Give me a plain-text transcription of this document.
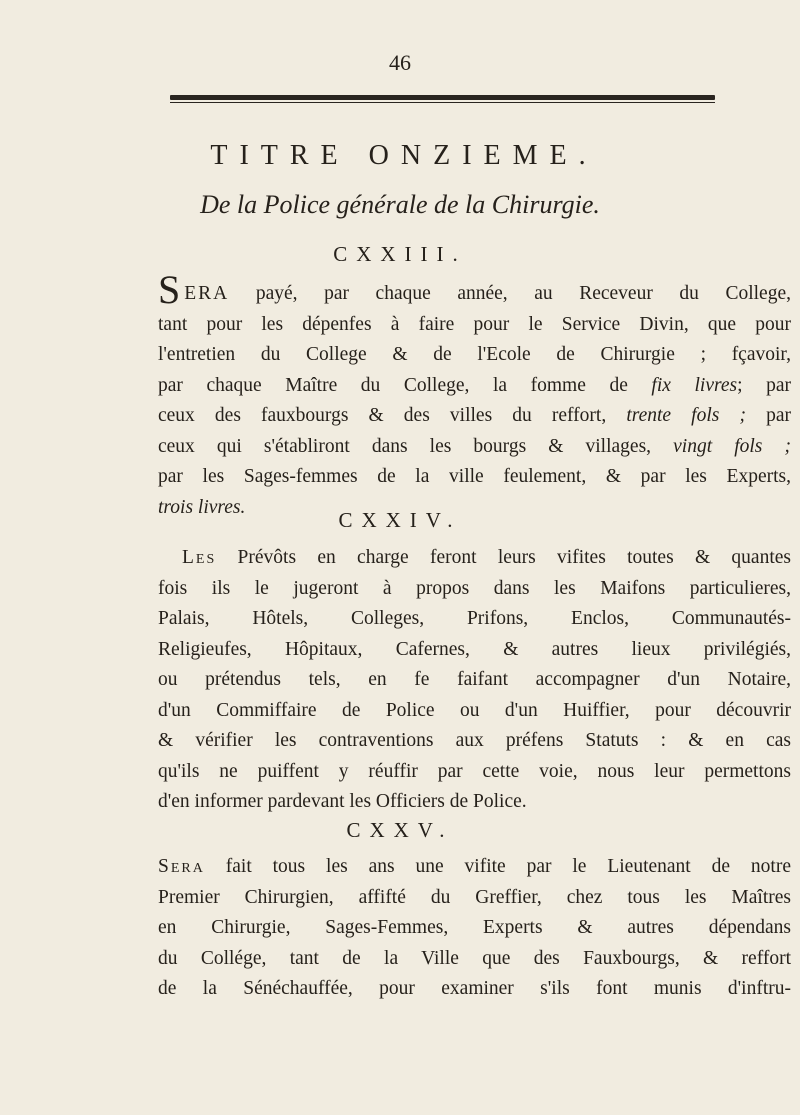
46
TITRE ONZIEME.
De la Police générale de la Chirurgie.
CXXIII.
SERA payé, par chaque année, au Receveur du College,
tant pour les dépenfes à faire pour le Service Divin, que pour
l'entretien du College & de l'Ecole de Chirurgie ; fçavoir,
par chaque Maître du College, la fomme de fix livres; par
ceux des fauxbourgs & des villes du reffort, trente fols ; par
ceux qui s'établiront dans les bourgs & villages, vingt fols ;
par les Sages-femmes de la ville feulement, & par les Experts,
trois livres.
CXXIV.
Les Prévôts en charge feront leurs vifites toutes & quantes
fois ils le jugeront à propos dans les Maifons particulieres,
Palais, Hôtels, Colleges, Prifons, Enclos, Communautés-
Religieufes, Hôpitaux, Cafernes, & autres lieux privilégiés,
ou prétendus tels, en fe faifant accompagner d'un Notaire,
d'un Commiffaire de Police ou d'un Huiffier, pour découvrir
& vérifier les contraventions aux préfens Statuts : & en cas
qu'ils ne puiffent y réuffir par cette voie, nous leur permettons
d'en informer pardevant les Officiers de Police.
CXXV.
Sera fait tous les ans une vifite par le Lieutenant de notre
Premier Chirurgien, affifté du Greffier, chez tous les Maîtres
en Chirurgie, Sages-Femmes, Experts & autres dépendans
du Collége, tant de la Ville que des Fauxbourgs, & reffort
de la Sénéchauffée, pour examiner s'ils font munis d'inftru-
